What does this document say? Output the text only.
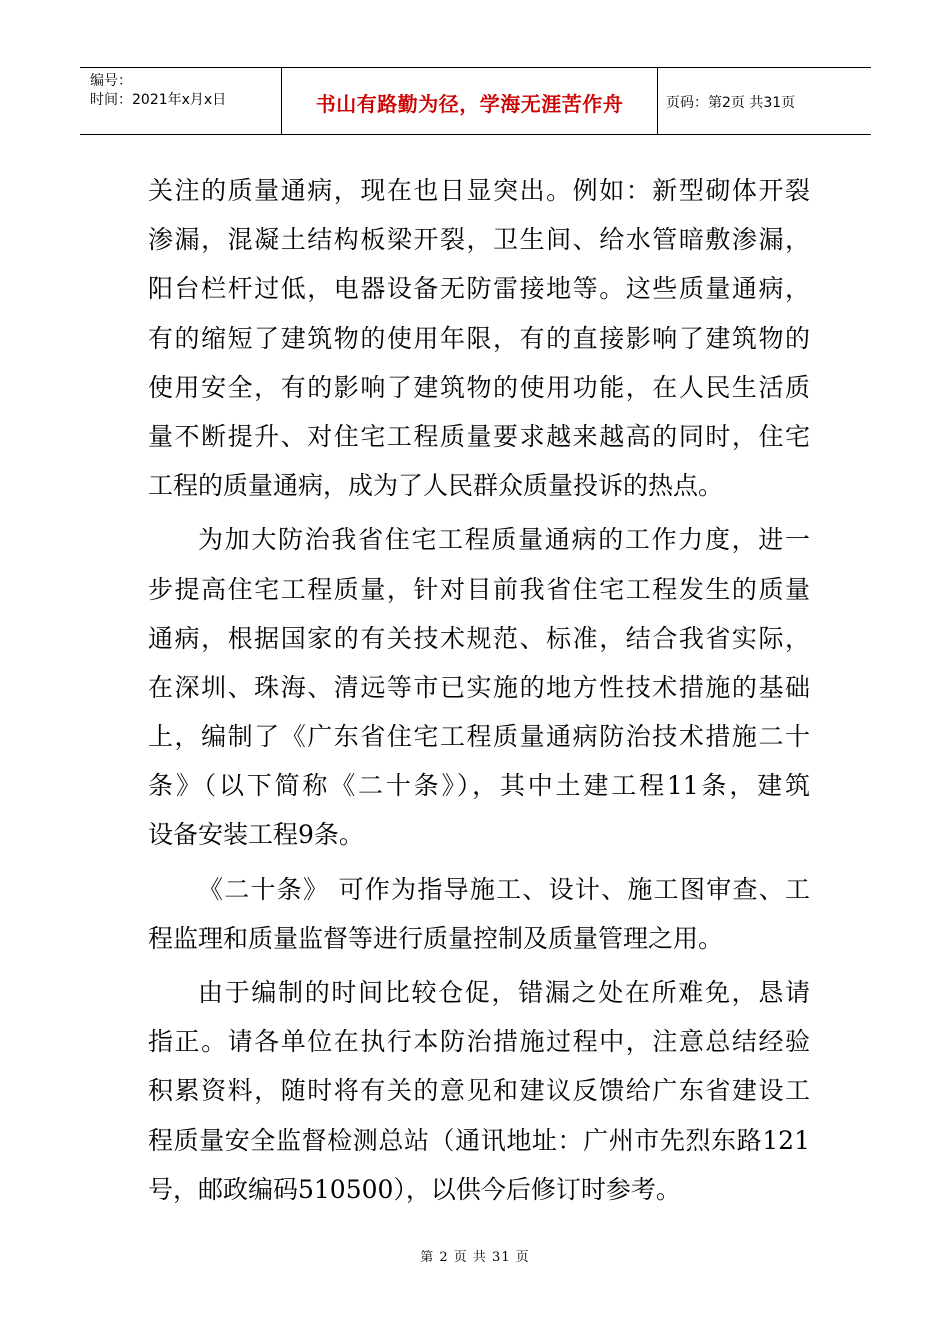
编号：
时间：2021年x月x日	书山有路勤为径，学海无涯苦作舟	页码：第2页 共31页
关注的质量通病，现在也日显突出。例如：新型砌体开裂
渗漏，混凝土结构板梁开裂，卫生间、给水管暗敷渗漏，
阳台栏杆过低，电器设备无防雷接地等。这些质量通病，
有的缩短了建筑物的使用年限，有的直接影响了建筑物的
使用安全，有的影响了建筑物的使用功能，在人民生活质
量不断提升、对住宅工程质量要求越来越高的同时，住宅
工程的质量通病，成为了人民群众质量投诉的热点。
为加大防治我省住宅工程质量通病的工作力度，进一
步提高住宅工程质量，针对目前我省住宅工程发生的质量
通病，根据国家的有关技术规范、标准，结合我省实际，
在深圳、珠海、清远等市已实施的地方性技术措施的基础
上，编制了《广东省住宅工程质量通病防治技术措施二十
条》（以下简称《二十条》），其中土建工程11条，建筑
设备安装工程9条。
《二十条》 可作为指导施工、设计、施工图审查、工
程监理和质量监督等进行质量控制及质量管理之用。
由于编制的时间比较仓促，错漏之处在所难免，恳请
指正。请各单位在执行本防治措施过程中，注意总结经验
积累资料，随时将有关的意见和建议反馈给广东省建设工
程质量安全监督检测总站（通讯地址：广州市先烈东路121
号，邮政编码510500），以供今后修订时参考。
第 2 页 共 31 页
